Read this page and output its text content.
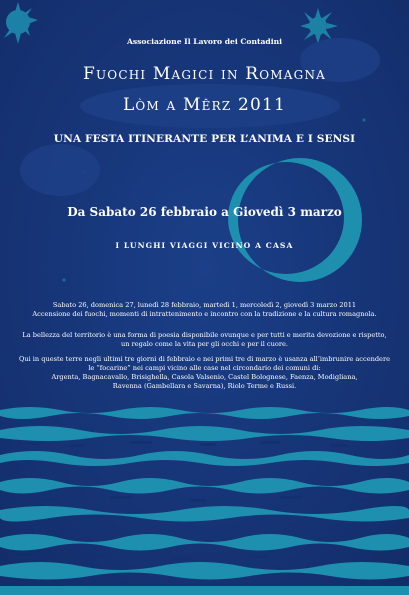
Associazione Il Lavoro dei Contadini
Fuochi Magici in Romagna
Lòm a Mêrz 2011
UNA FESTA ITINERANTE PER L’ANIMA E I SENSI
Da Sabato 26 febbraio a Giovedì 3 marzo
I LUNGHI VIAGGI VICINO A CASA
Sabato 26, domenica 27, lunedì 28 febbraio, martedì 1, mercoledì 2, giovedì 3 marzo 2011
Accensione dei fuochi, momenti di intrattenimento e incontro con la tradizione e la cultura romagnola.
La bellezza del territorio è una forma di poesia disponibile ovunque e per tutti e merita devozione e rispetto,
un regalo come la vita per gli occhi e per il cuore.
Qui in queste terre negli ultimi tre giorni di febbraio e nei primi tre di marzo è usanza all’imbrunire accendere
le “focarine” nei campi vicino alle case nel circondario dei comuni di:
Argenta, Bagnacavallo, Brisighella, Casola Valsenio, Castel Bolognese, Faenza, Modigliana,
Ravenna (Gambellara e Savarna), Riolo Terme e Russi.
